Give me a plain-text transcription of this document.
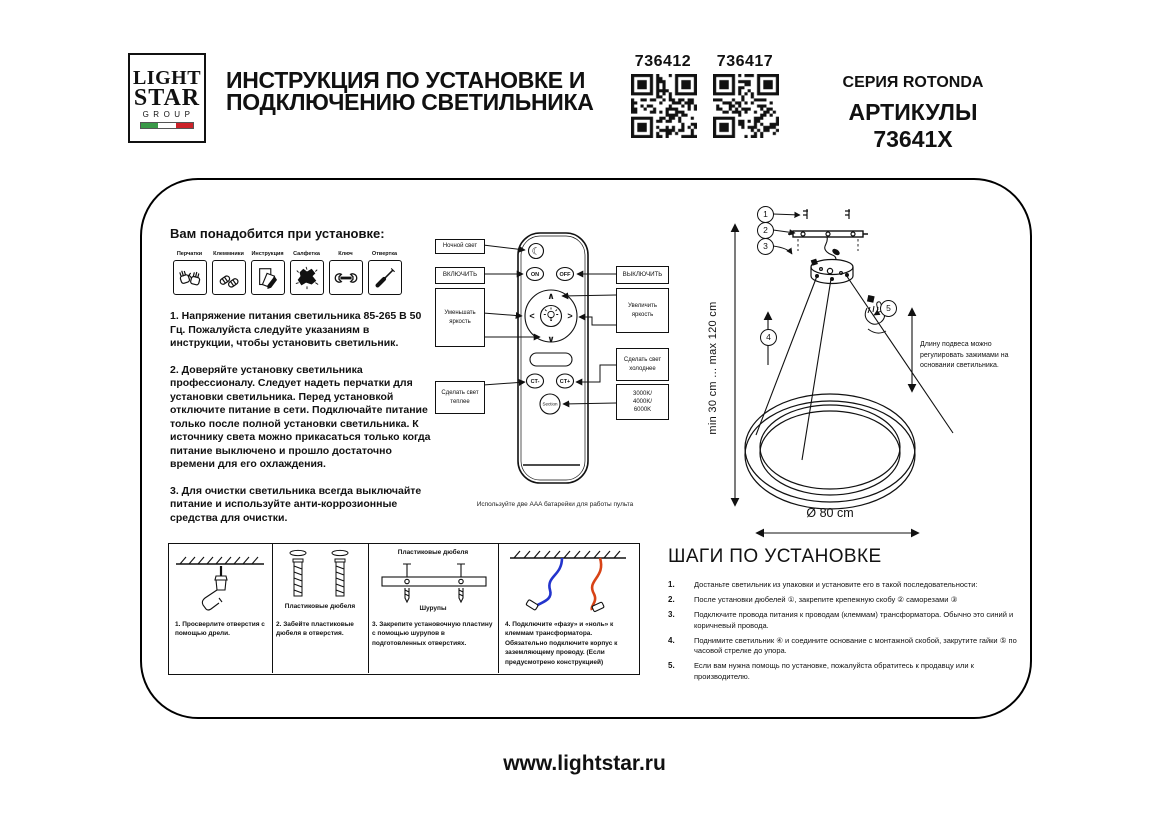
LIGHT
STAR
GROUP
ИНСТРУКЦИЯ ПО УСТАНОВКЕ И
ПОДКЛЮЧЕНИЮ СВЕТИЛЬНИКА
736412	736417
СЕРИЯ ROTONDA
АРТИКУЛЫ 73641X
Вам понадобится при установке:
Перчатки	Клеммники	Инструкция	Салфетка	Ключ	Отвертка

1. Напряжение питания светильника 85-265 В 50 Гц. Пожалуйста следуйте указаниям в инструкции, чтобы установить светильник.

2. Доверяйте установку светильника профессионалу. Следует надеть перчатки для установки светильника. Перед установкой отключите питание в сети. Подключайте питание только после полной установки светильника. К источнику света можно прикасаться только когда питание выключено и прошло достаточно времени для его охлаждения.

3. Для очистки светильника всегда выключайте питание и используйте анти-коррозионные средства для очистки.

☾
ON	OFF
∧
∨
<	>
CT-	CT+
Section
Ночной свет
ВКЛЮЧИТЬ
Уменьшать яркость
Сделать свет теплее
ВЫКЛЮЧИТЬ
Увеличить яркость
Сделать свет холоднее
3000K/
4000K/
6000K
Используйте две AAA батарейки для работы пульта
1
2
3
4
5
min 30 cm ... max 120 cm	Длину подвеса можно регулировать зажимами на основании светильника.
Ø 80 cm
1. Просверлите отверстия с помощью дрели.
Пластиковые дюбеля
2. Забейте пластиковые дюбеля в отверстия.
Пластиковые дюбеля
Шурупы
3. Закрепите установочную пластину с помощью шурупов в подготовленных отверстиях.
4. Подключите «фазу» и «ноль» к клеммам трансформатора. Обязательно подключите корпус к заземляющему проводу. (Если предусмотрено конструкцией)
ШАГИ ПО УСТАНОВКЕ
1.	Достаньте светильник из упаковки и установите его в такой последовательности:
2.	После установки дюбелей ①, закрепите крепежную скобу ② саморезами ③
3.	Подключите провода питания к проводам (клеммам) трансформатора. Обычно это синий и коричневый провода.
4.	Поднимите светильник ④ и соедините основание с монтажной скобой, закрутите гайки ⑤ по часовой стрелке до упора.
5.	Если вам нужна помощь по установке, пожалуйста обратитесь к продавцу или к производителю.
www.lightstar.ru
